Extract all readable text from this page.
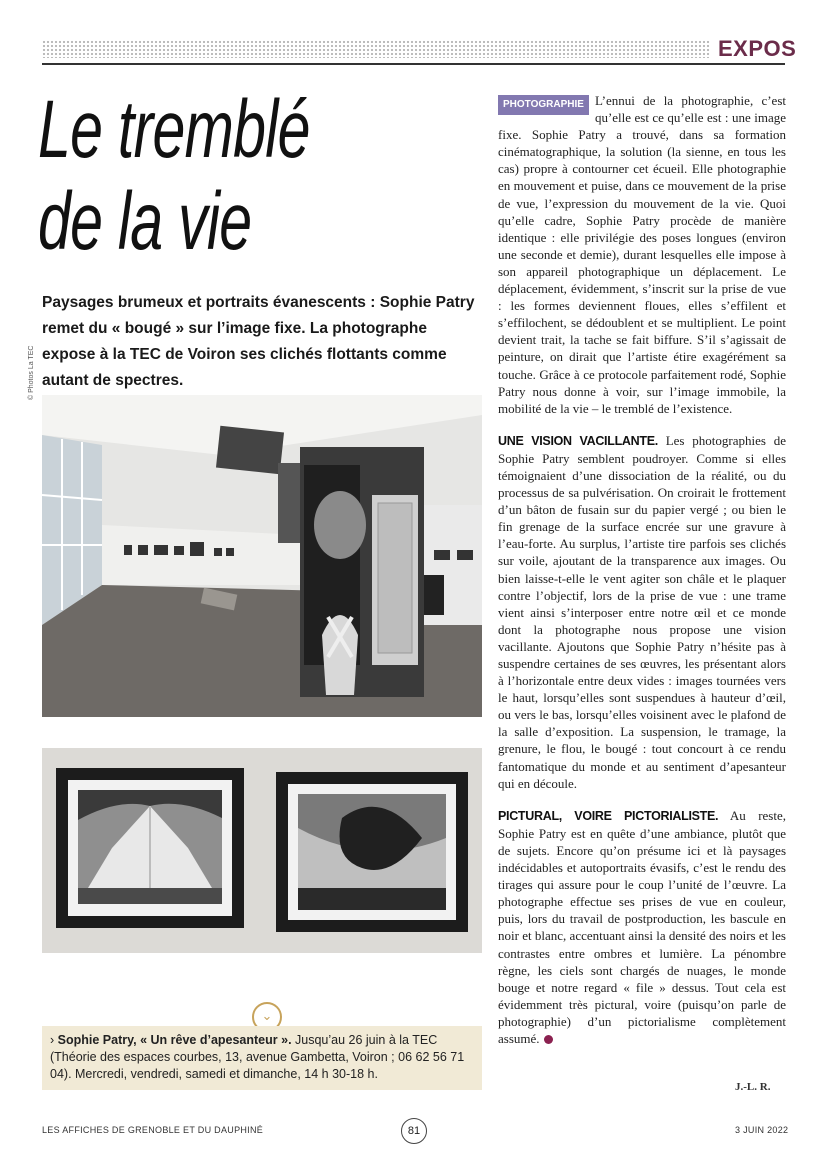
EXPOS
Le tremblé
de la vie
Paysages brumeux et portraits évanescents : Sophie Patry remet du « bougé » sur l’image fixe. La photographe expose à la TEC de Voiron ses clichés flottants comme autant de spectres.
© Photos La TEC
⌄
› Sophie Patry, « Un rêve d’apesanteur ». Jusqu’au 26 juin à la TEC (Théorie des espaces courbes, 13, avenue Gambetta, Voiron ; 06 62 56 71 04). Mercredi, vendredi, samedi et dimanche, 14 h 30-18 h.

PHOTOGRAPHIE L’ennui de la photographie, c’est qu’elle est ce qu’elle est : une image fixe. Sophie Patry a trouvé, dans sa formation cinématographique, la solution (la sienne, en tous les cas) propre à contourner cet écueil. Elle photographie en mouvement et puise, dans ce mouvement de la prise de vue, l’expression du mouvement de la vie. Quoi qu’elle cadre, Sophie Patry procède de manière identique : elle privilégie des poses longues (environ une seconde et demie), durant lesquelles elle impose à son appareil photographique un déplacement. Le déplacement, évidemment, s’inscrit sur la prise de vue : les formes deviennent floues, elles s’effilent et s’effilochent, se dédoublent et se multiplient. Le point devient trait, la tache se fait biffure. S’il s’agissait de peinture, on dirait que l’artiste étire exagérément sa touche. Grâce à ce protocole parfaitement rodé, Sophie Patry nous donne à voir, sur l’image immobile, la mobilité de la vie – le tremblé de l’existence.

UNE VISION VACILLANTE. Les photographies de Sophie Patry semblent poudroyer. Comme si elles témoignaient d’une dissociation de la réalité, ou du processus de sa pulvérisation. On croirait le frottement d’un bâton de fusain sur du papier vergé ; ou bien le fin grenage de la surface encrée sur une gravure à l’eau-forte. Au surplus, l’artiste tire parfois ses clichés sur voile, ajoutant de la transparence aux images. Ou bien laisse-t-elle le vent agiter son châle et le plaquer contre l’objectif, lors de la prise de vue : une trame vient ainsi s’interposer entre notre œil et ce monde dont la photographe nous propose une vision vacillante. Ajoutons que Sophie Patry n’hésite pas à suspendre certaines de ses œuvres, les présentant alors à l’horizontale entre deux vides : images tournées vers le haut, lorsqu’elles sont suspendues à hauteur d’œil, ou vers le bas, lorsqu’elles voisinent avec le plafond de la salle d’exposition. La suspension, le tramage, la grenure, le flou, le bougé : tout concourt à ce rendu fantomatique du monde et au sentiment d’apesanteur qui en découle.

PICTURAL, VOIRE PICTORIALISTE. Au reste, Sophie Patry est en quête d’une ambiance, plutôt que de sujets. Encore qu’on présume ici et là paysages indécidables et autoportraits évasifs, c’est le rendu des tirages qui assure pour le coup l’unité de l’œuvre. La photographe effectue ses prises de vue en couleur, puis, lors du travail de postproduction, les bascule en noir et blanc, accentuant ainsi la densité des noirs et les contrastes entre ombres et lumière. La pénombre règne, les ciels sont chargés de nuages, le monde bouge et notre regard « file » dessus. Tout cela est évidemment très pictural, voire (puisqu’on parle de photographie) d’un pictorialisme complètement assumé.

J.-L. R.
LES AFFICHES DE GRENOBLE ET DU DAUPHINÉ	81	3 JUIN 2022
